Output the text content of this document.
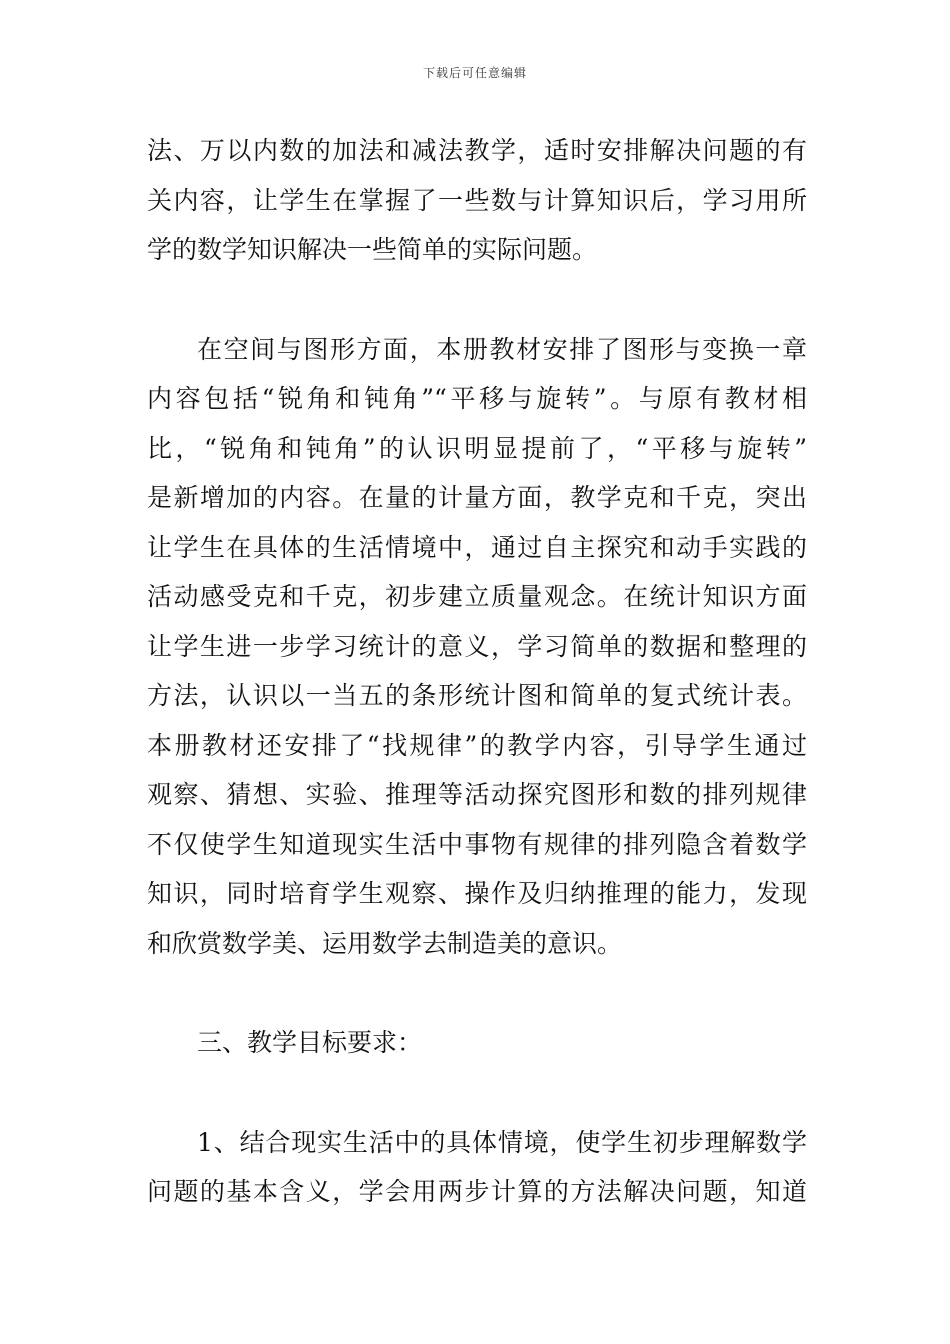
下载后可任意编辑
法、万以内数的加法和减法教学，适时安排解决问题的有
关内容，让学生在掌握了一些数与计算知识后，学习用所
学的数学知识解决一些简单的实际问题。
在空间与图形方面，本册教材安排了图形与变换一章
内容包括“锐角和钝角”“平移与旋转”。与原有教材相
比，“锐角和钝角”的认识明显提前了，“平移与旋转”
是新增加的内容。在量的计量方面，教学克和千克，突出
让学生在具体的生活情境中，通过自主探究和动手实践的
活动感受克和千克，初步建立质量观念。在统计知识方面
让学生进一步学习统计的意义，学习简单的数据和整理的
方法，认识以一当五的条形统计图和简单的复式统计表。
本册教材还安排了“找规律”的教学内容，引导学生通过
观察、猜想、实验、推理等活动探究图形和数的排列规律
不仅使学生知道现实生活中事物有规律的排列隐含着数学
知识，同时培育学生观察、操作及归纳推理的能力，发现
和欣赏数学美、运用数学去制造美的意识。
三、教学目标要求：
1、结合现实生活中的具体情境，使学生初步理解数学
问题的基本含义，学会用两步计算的方法解决问题，知道
